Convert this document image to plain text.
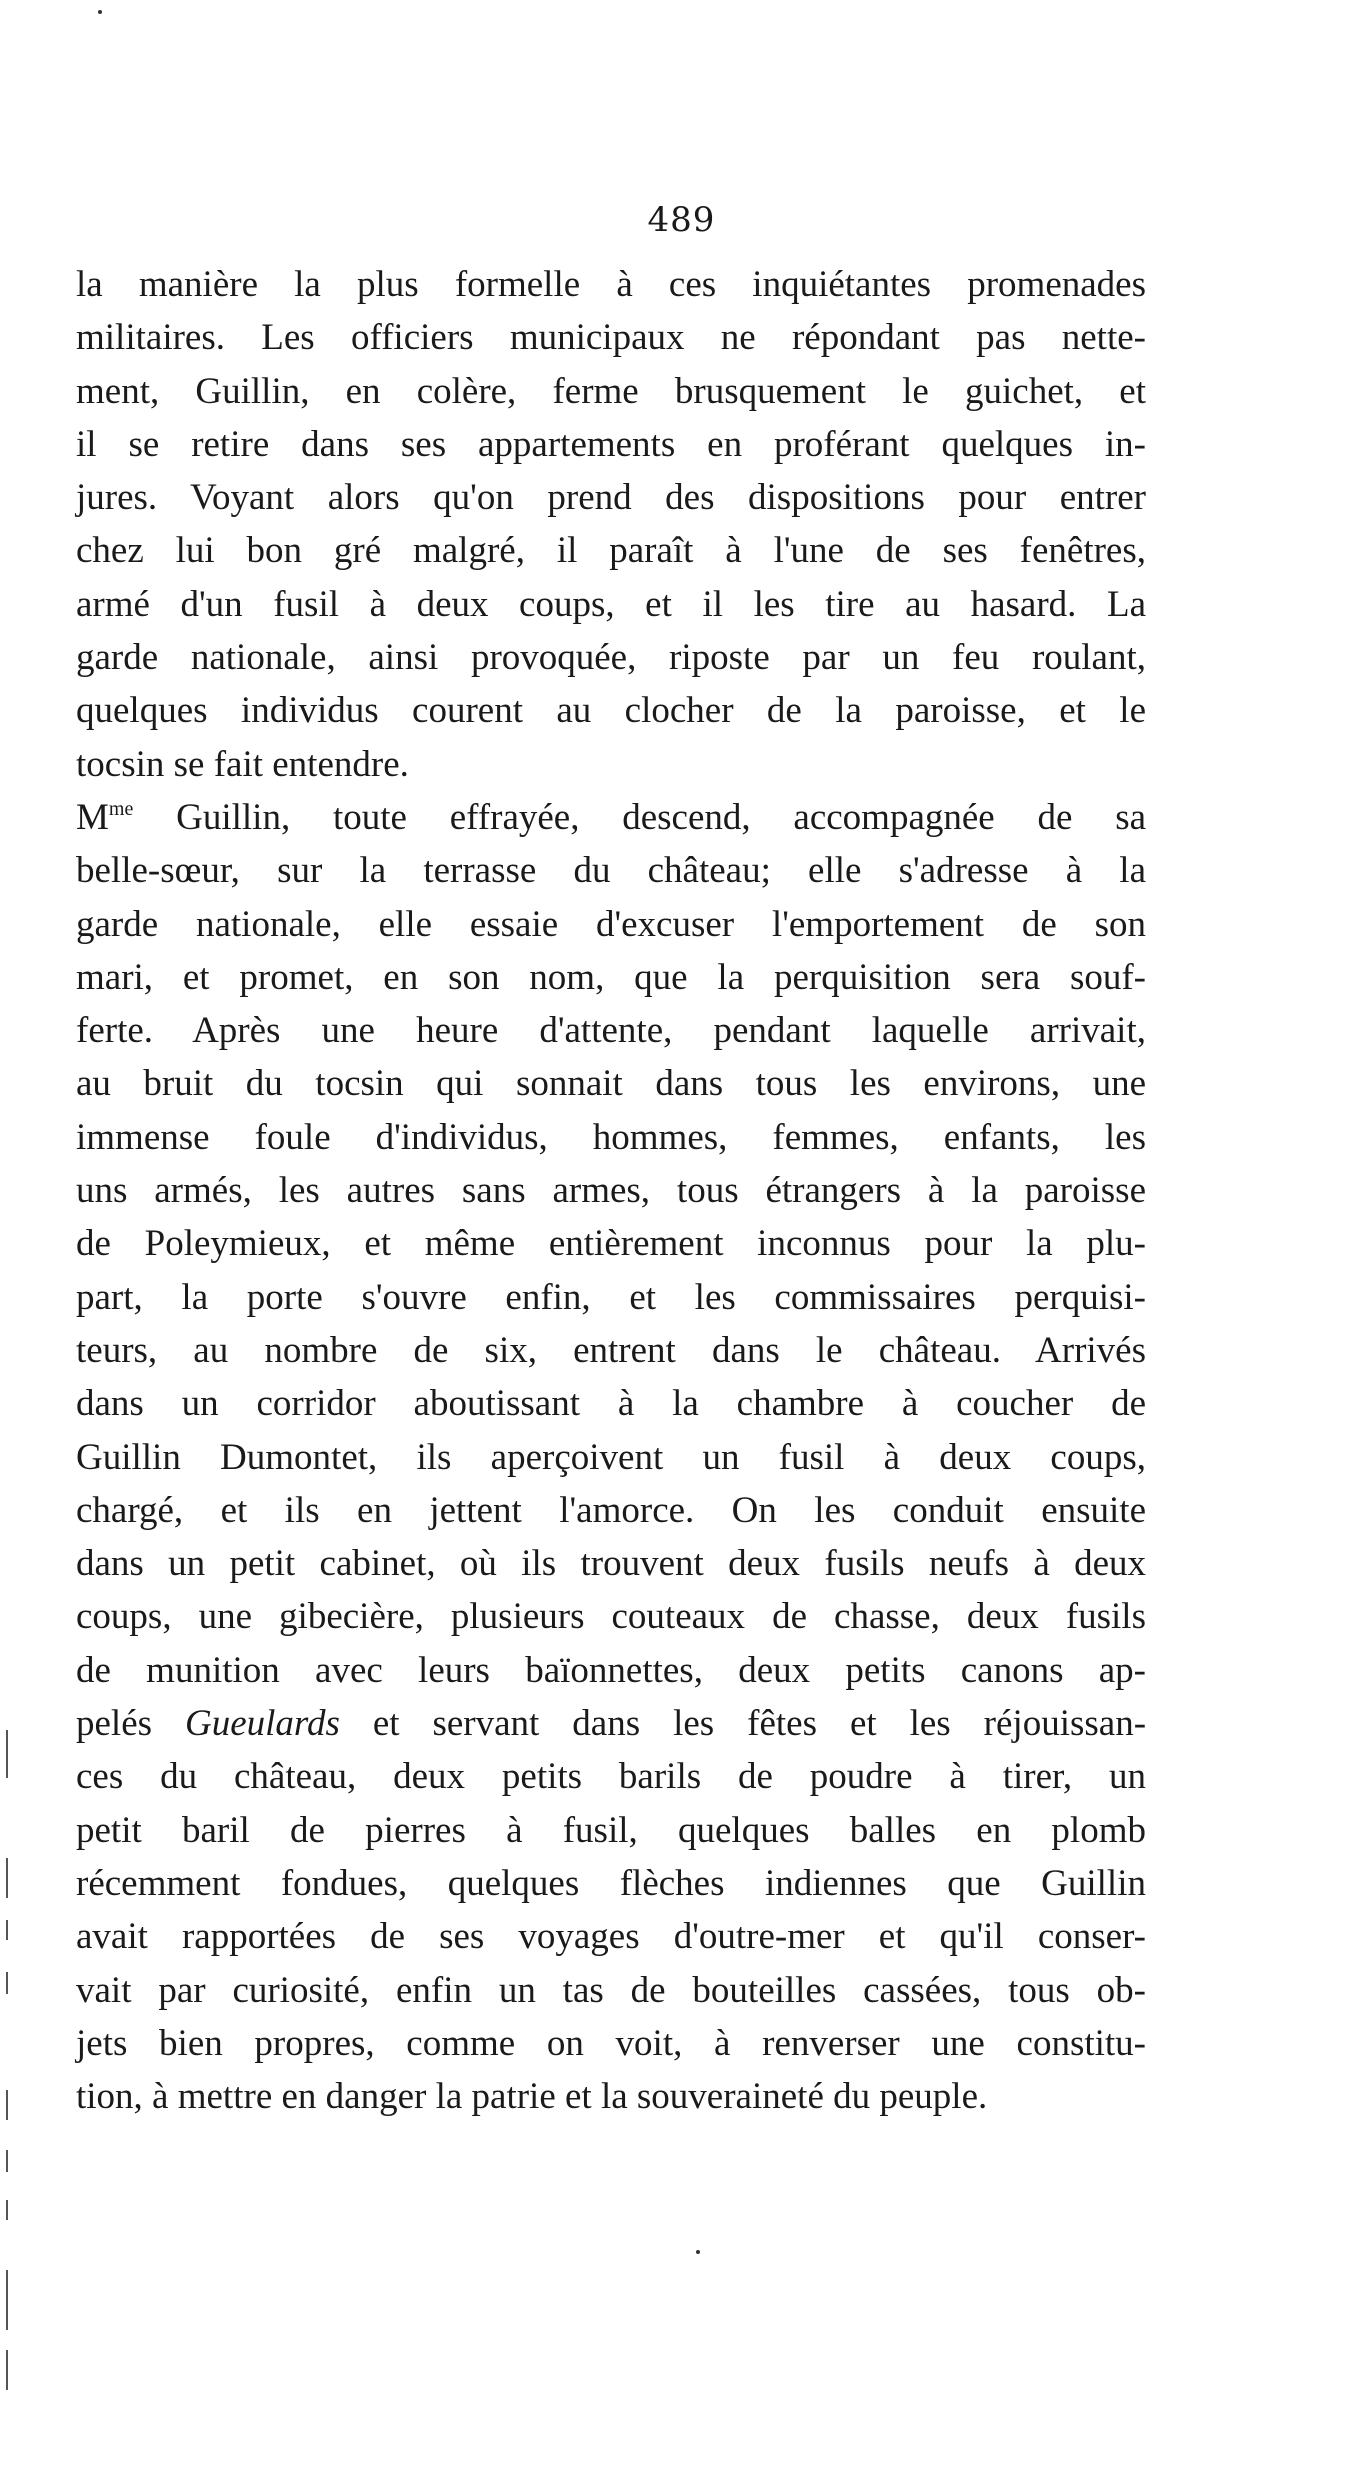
489
la manière la plus formelle à ces inquiétantes promenades
militaires. Les officiers municipaux ne répondant pas nette-
ment, Guillin, en colère, ferme brusquement le guichet, et
il se retire dans ses appartements en proférant quelques in-
jures. Voyant alors qu'on prend des dispositions pour entrer
chez lui bon gré malgré, il paraît à l'une de ses fenêtres,
armé d'un fusil à deux coups, et il les tire au hasard. La
garde nationale, ainsi provoquée, riposte par un feu roulant,
quelques individus courent au clocher de la paroisse, et le
tocsin se fait entendre.
$M^{me}$ Guillin, toute effrayée, descend, accompagnée de sa
belle-sœur, sur la terrasse du château; elle s'adresse à la
garde nationale, elle essaie d'excuser l'emportement de son
mari, et promet, en son nom, que la perquisition sera souf-
ferte. Après une heure d'attente, pendant laquelle arrivait,
au bruit du tocsin qui sonnait dans tous les environs, une
immense foule d'individus, hommes, femmes, enfants, les
uns armés, les autres sans armes, tous étrangers à la paroisse
de Poleymieux, et même entièrement inconnus pour la plu-
part, la porte s'ouvre enfin, et les commissaires perquisi-
teurs, au nombre de six, entrent dans le château. Arrivés
dans un corridor aboutissant à la chambre à coucher de
Guillin Dumontet, ils aperçoivent un fusil à deux coups,
chargé, et ils en jettent l'amorce. On les conduit ensuite
dans un petit cabinet, où ils trouvent deux fusils neufs à deux
coups, une gibecière, plusieurs couteaux de chasse, deux fusils
de munition avec leurs baïonnettes, deux petits canons ap-
pelés Gueulards et servant dans les fêtes et les réjouissan-
ces du château, deux petits barils de poudre à tirer, un
petit baril de pierres à fusil, quelques balles en plomb
récemment fondues, quelques flèches indiennes que Guillin
avait rapportées de ses voyages d'outre-mer et qu'il conser-
vait par curiosité, enfin un tas de bouteilles cassées, tous ob-
jets bien propres, comme on voit, à renverser une constitu-
tion, à mettre en danger la patrie et la souveraineté du peuple.
